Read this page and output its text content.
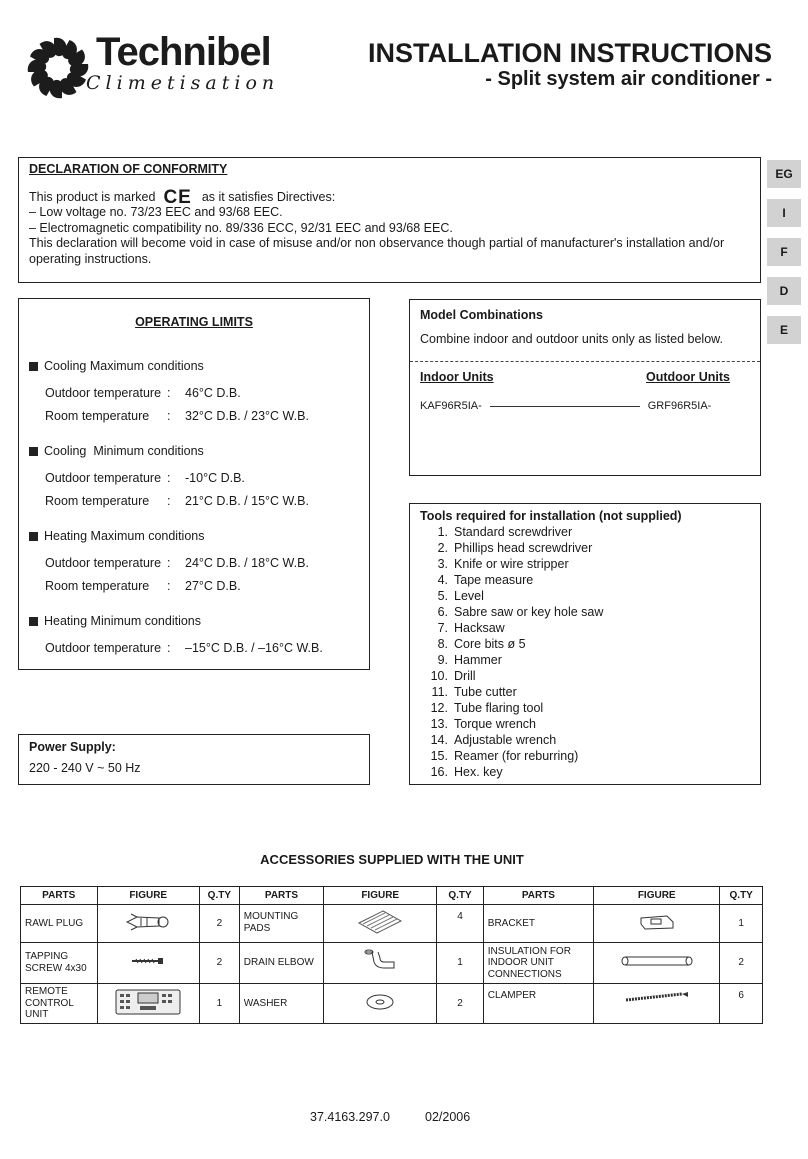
Technibel
Climetisation
INSTALLATION INSTRUCTIONS
- Split system air conditioner -
DECLARATION OF CONFORMITY
This product is marked CE as it satisfies Directives:
– Low voltage no. 73/23 EEC and 93/68 EEC.
– Electromagnetic compatibility no. 89/336 ECC, 92/31 EEC and 93/68 EEC.
This declaration will become void in case of misuse and/or non observance though partial of manufacturer's installation and/or operating instructions.
EG
I
F
D
E
OPERATING LIMITS
Cooling Maximum conditions
Outdoor temperature :	46°C D.B.
Room temperature	:	32°C D.B. / 23°C W.B.
Cooling  Minimum conditions
Outdoor temperature :	-10°C D.B.
Room temperature	:	21°C D.B. / 15°C W.B.
Heating Maximum conditions
Outdoor temperature :	24°C D.B. / 18°C W.B.
Room temperature	:	27°C D.B.
Heating Minimum conditions
Outdoor temperature :	–15°C D.B. / –16°C W.B.
Power Supply:
220 - 240 V ~ 50 Hz
Model Combinations
Combine indoor and outdoor units only as listed below.
Indoor Units	Outdoor Units
KAF96R5IA-	GRF96R5IA-
Tools required for installation (not supplied)
1. Standard screwdriver
2. Phillips head screwdriver
3. Knife or wire stripper
4. Tape measure
5. Level
6. Sabre saw or key hole saw
7. Hacksaw
8. Core bits ø 5
9. Hammer
10. Drill
11. Tube cutter
12. Tube flaring tool
13. Torque wrench
14. Adjustable wrench
15. Reamer (for reburring)
16. Hex. key
ACCESSORIES SUPPLIED WITH THE UNIT
PARTS	FIGURE	Q.TY	PARTS	FIGURE	Q.TY	PARTS	FIGURE	Q.TY
RAWL PLUG		2	MOUNTING PADS		4	BRACKET		1
TAPPING SCREW 4x30		2	DRAIN ELBOW		1	INSULATION FOR INDOOR UNIT CONNECTIONS		2
REMOTE CONTROL UNIT		1	WASHER		2	CLAMPER		6
37.4163.297.0	02/2006
